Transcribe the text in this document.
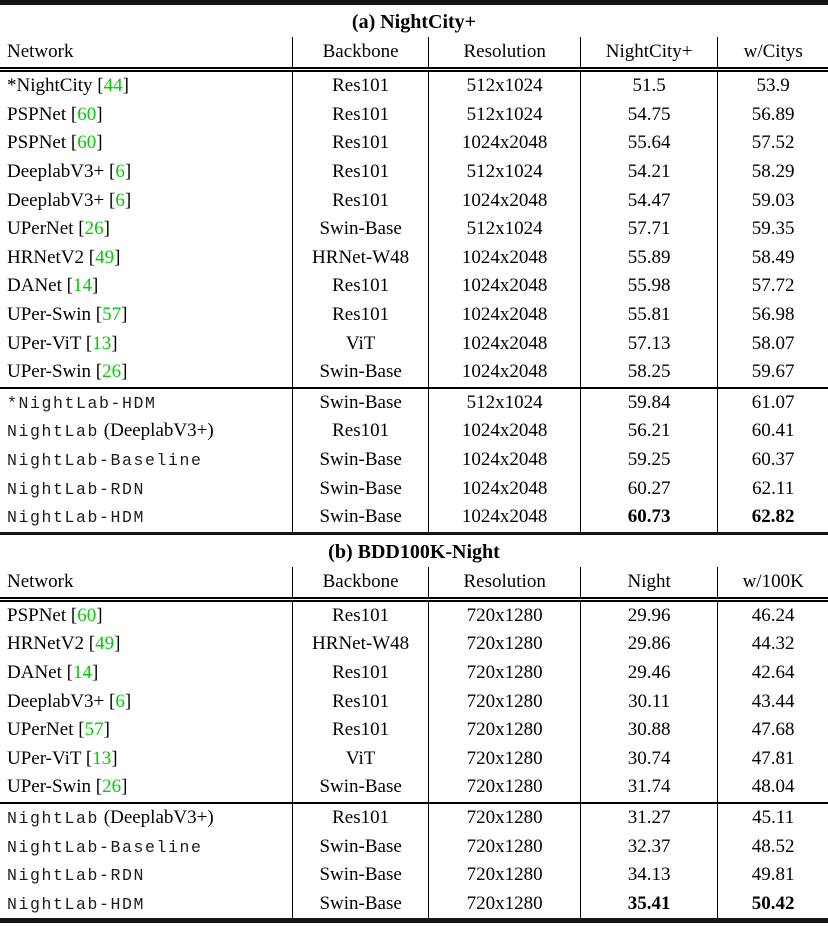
(a) NightCity+
Network	Backbone	Resolution	NightCity+	w/Citys
*NightCity [44]	Res101	512x1024	51.5	53.9
PSPNet [60]	Res101	512x1024	54.75	56.89
PSPNet [60]	Res101	1024x2048	55.64	57.52
DeeplabV3+ [6]	Res101	512x1024	54.21	58.29
DeeplabV3+ [6]	Res101	1024x2048	54.47	59.03
UPerNet [26]	Swin-Base	512x1024	57.71	59.35
HRNetV2 [49]	HRNet-W48	1024x2048	55.89	58.49
DANet [14]	Res101	1024x2048	55.98	57.72
UPer-Swin [57]	Res101	1024x2048	55.81	56.98
UPer-ViT [13]	ViT	1024x2048	57.13	58.07
UPer-Swin [26]	Swin-Base	1024x2048	58.25	59.67
*NightLab-HDM	Swin-Base	512x1024	59.84	61.07
NightLab (DeeplabV3+)	Res101	1024x2048	56.21	60.41
NightLab-Baseline	Swin-Base	1024x2048	59.25	60.37
NightLab-RDN	Swin-Base	1024x2048	60.27	62.11
NightLab-HDM	Swin-Base	1024x2048	60.73	62.82
(b) BDD100K-Night
Network	Backbone	Resolution	Night	w/100K
PSPNet [60]	Res101	720x1280	29.96	46.24
HRNetV2 [49]	HRNet-W48	720x1280	29.86	44.32
DANet [14]	Res101	720x1280	29.46	42.64
DeeplabV3+ [6]	Res101	720x1280	30.11	43.44
UPerNet [57]	Res101	720x1280	30.88	47.68
UPer-ViT [13]	ViT	720x1280	30.74	47.81
UPer-Swin [26]	Swin-Base	720x1280	31.74	48.04
NightLab (DeeplabV3+)	Res101	720x1280	31.27	45.11
NightLab-Baseline	Swin-Base	720x1280	32.37	48.52
NightLab-RDN	Swin-Base	720x1280	34.13	49.81
NightLab-HDM	Swin-Base	720x1280	35.41	50.42
